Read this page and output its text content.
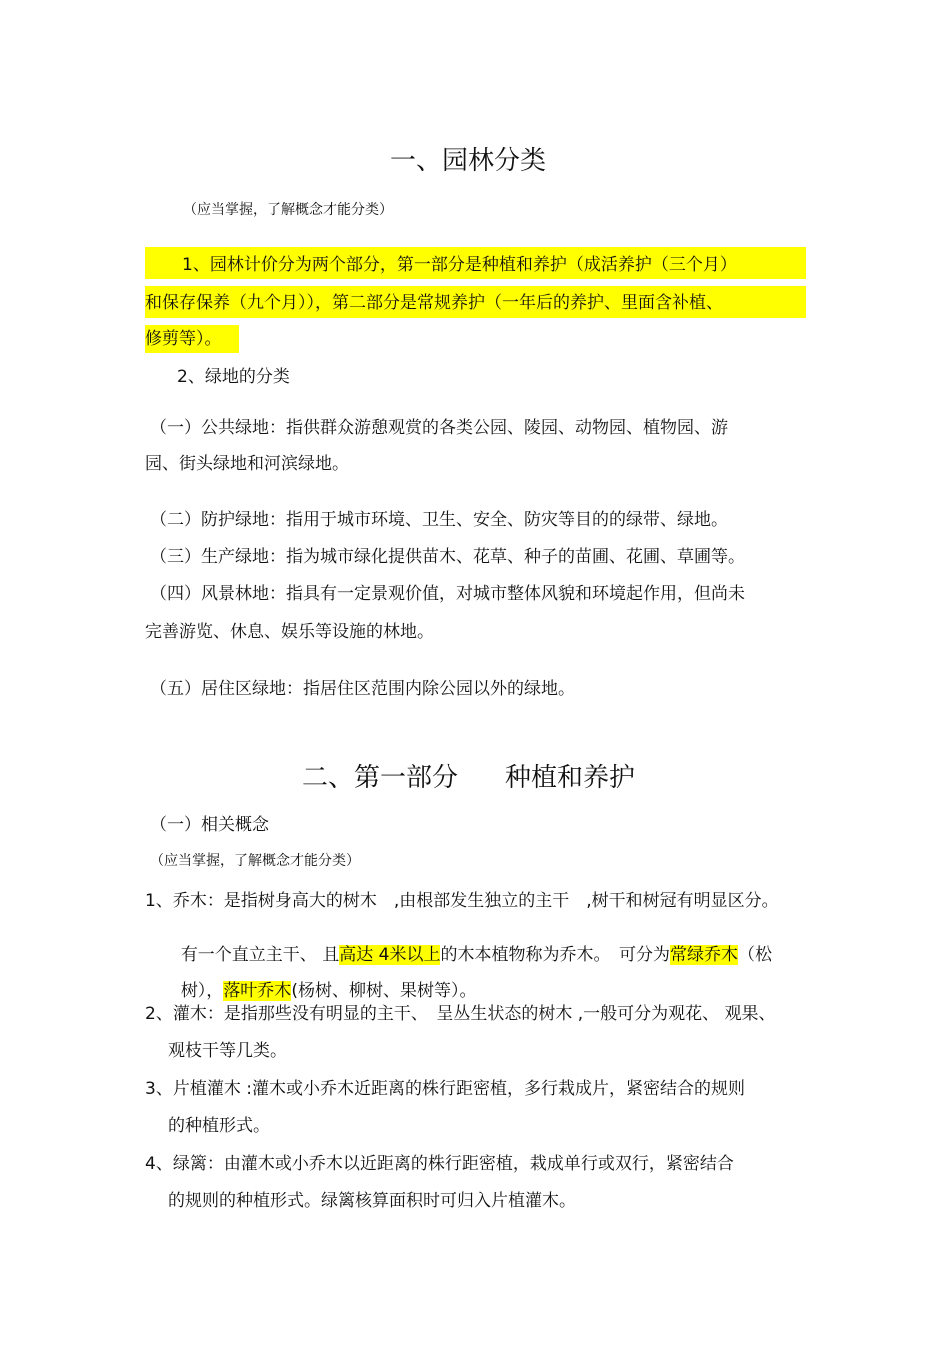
一、园林分类
（应当掌握，了解概念才能分类）
1、园林计价分为两个部分，第一部分是种植和养护（成活养护（三个月）
和保存保养（九个月）），第二部分是常规养护（一年后的养护、里面含补植、
修剪等）。
2、绿地的分类
（一）公共绿地：指供群众游憩观赏的各类公园、陵园、动物园、植物园、游
园、街头绿地和河滨绿地。
（二）防护绿地：指用于城市环境、卫生、安全、防灾等目的的绿带、绿地。
（三）生产绿地：指为城市绿化提供苗木、花草、种子的苗圃、花圃、草圃等。
（四）风景林地：指具有一定景观价值，对城市整体风貌和环境起作用，但尚未
完善游览、休息、娱乐等设施的林地。
（五）居住区绿地：指居住区范围内除公园以外的绿地。
二、第一部分 种植和养护
（一）相关概念
（应当掌握，了解概念才能分类）
1、乔木：是指树身高大的树木　,由根部发生独立的主干　,树干和树冠有明显区分。

有一个直立主干、 且高达 4米以上的木本植物称为乔木。　可分为常绿乔木（松

树），落叶乔木(杨树、柳树、果树等）。

2、灌木：是指那些没有明显的主干、　呈丛生状态的树木 ,一般可分为观花、 观果、
观枝干等几类。
3、片植灌木 :灌木或小乔木近距离的株行距密植，多行栽成片，紧密结合的规则
的种植形式。
4、绿篱：由灌木或小乔木以近距离的株行距密植，栽成单行或双行，紧密结合
的规则的种植形式。绿篱核算面积时可归入片植灌木。
